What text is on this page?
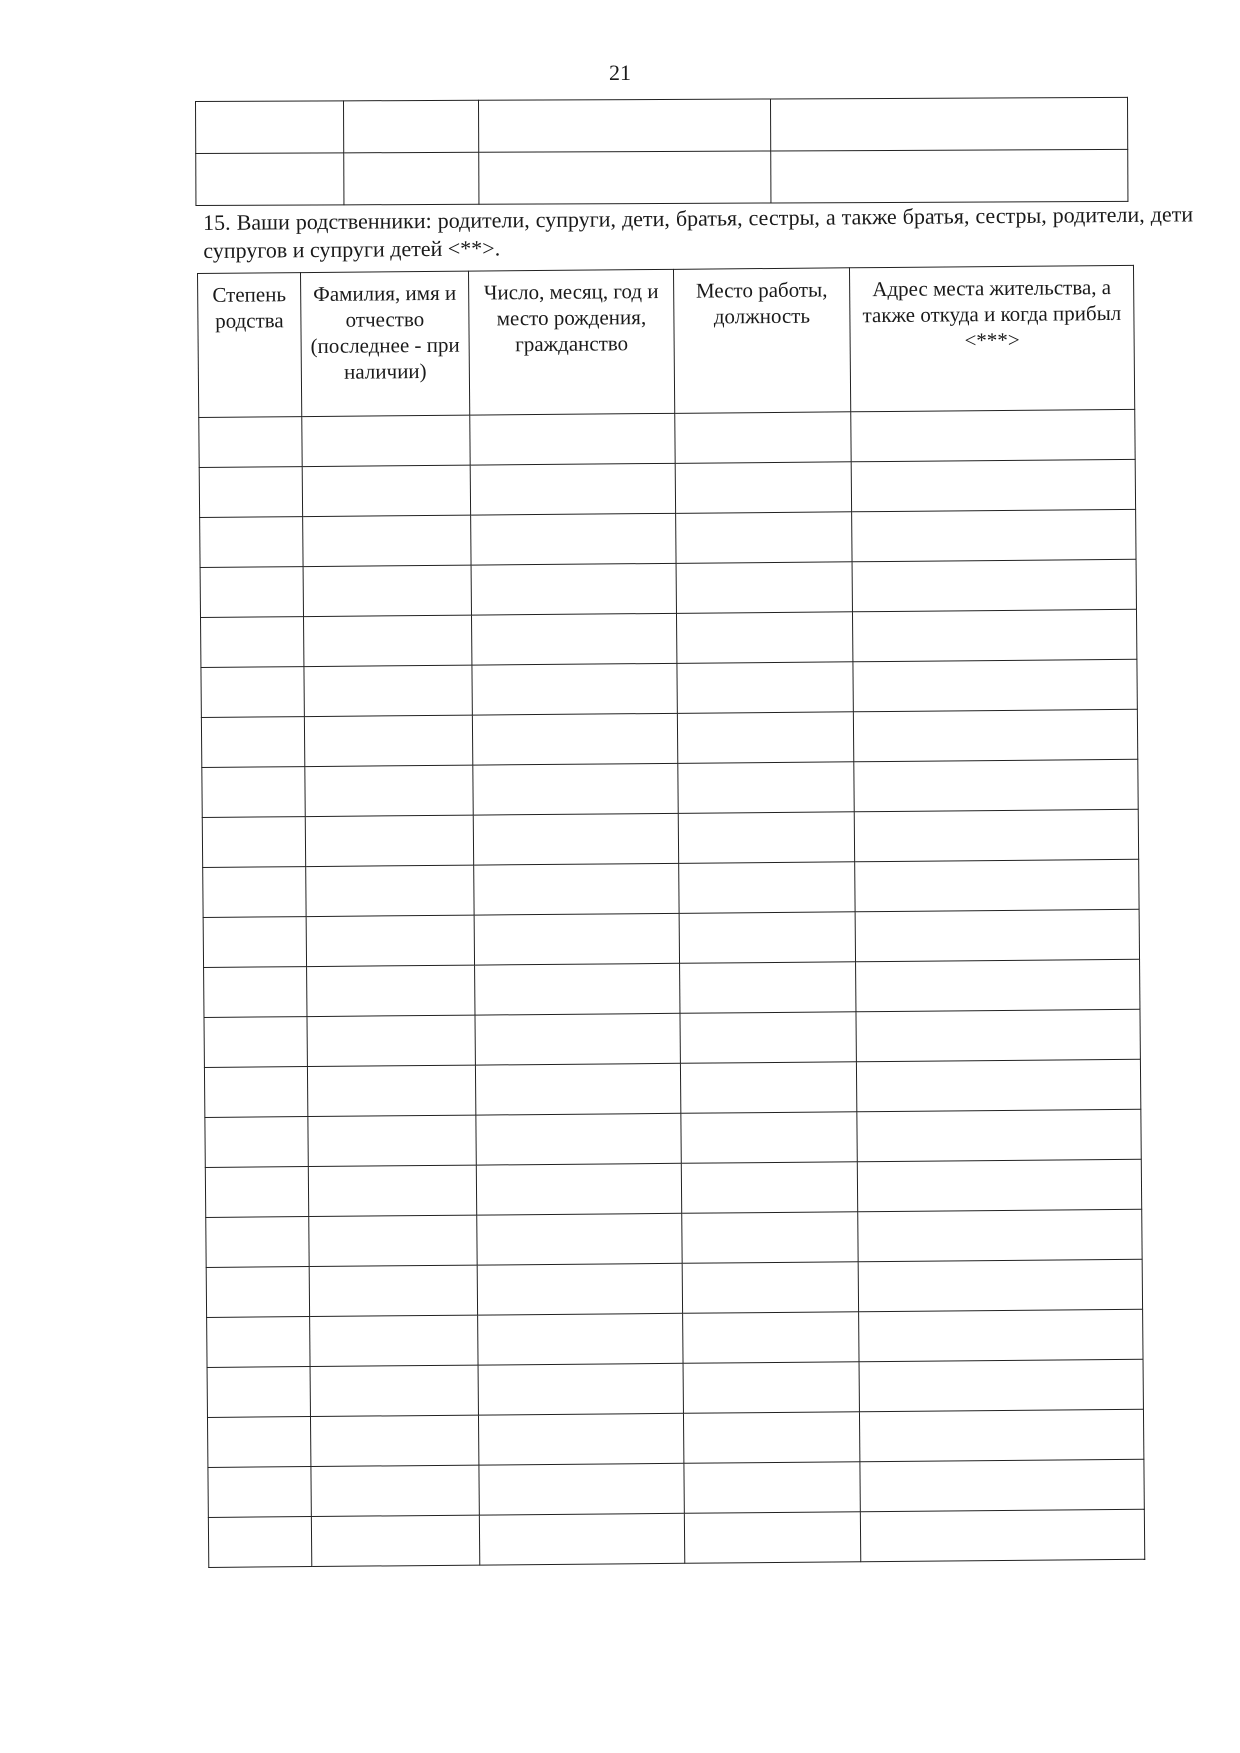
21

15. Ваши родственники: родители, супруги, дети, братья, сестры, а также братья, сестры, родители, дети супругов и супруги детей <**>.
Степень родства	Фамилия, имя и отчество (последнее - при наличии)	Число, месяц, год и место рождения, гражданство	Место работы, должность	Адрес места жительства, а также откуда и когда прибыл <***>
